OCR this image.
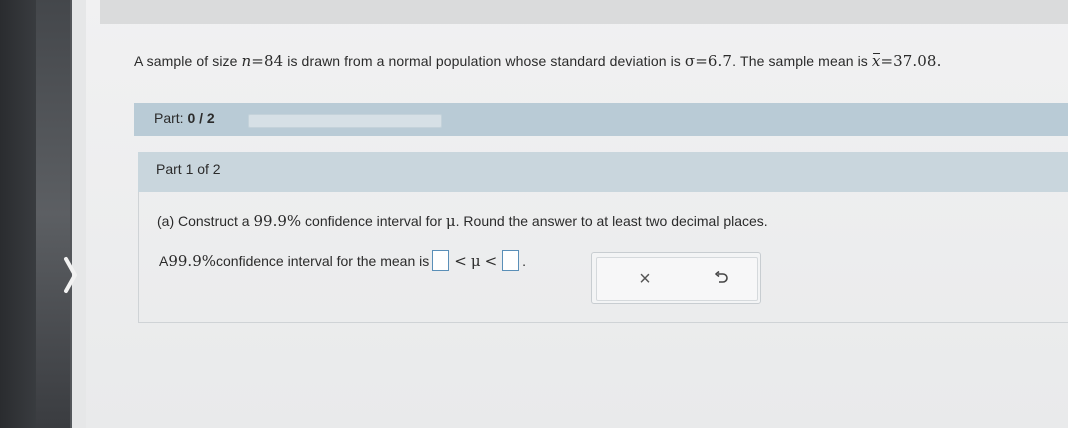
A sample of size n=84 is drawn from a normal population whose standard deviation is σ=6.7. The sample mean is x=37.08.
Part: 0 / 2
Part 1 of 2
(a) Construct a 99.9% confidence interval for μ. Round the answer to at least two decimal places.
A 99.9% confidence interval for the mean is < μ < .
×
